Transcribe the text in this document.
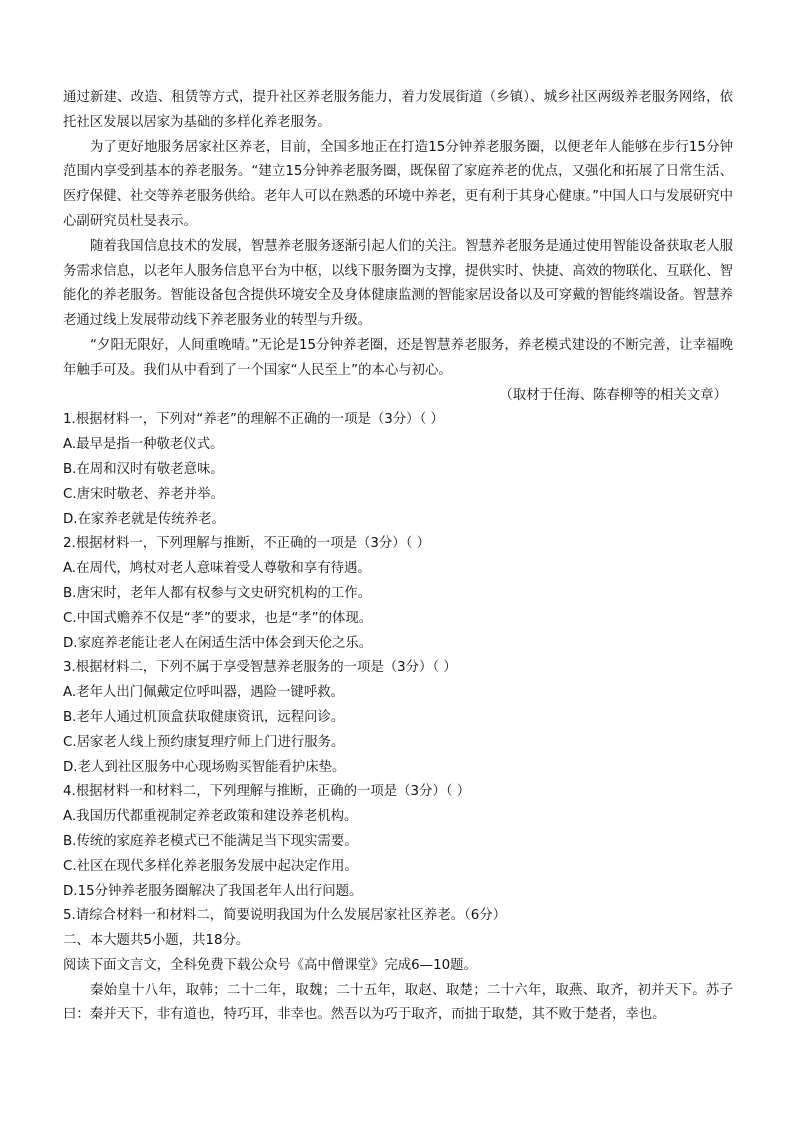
通过新建、改造、租赁等方式，提升社区养老服务能力，着力发展街道（乡镇）、城乡社区两级养老服务网络，依托社区发展以居家为基础的多样化养老服务。

为了更好地服务居家社区养老，目前，全国多地正在打造15分钟养老服务圈，以便老年人能够在步行15分钟范围内享受到基本的养老服务。“建立15分钟养老服务圈，既保留了家庭养老的优点，又强化和拓展了日常生活、医疗保健、社交等养老服务供给。老年人可以在熟悉的环境中养老，更有利于其身心健康。”中国人口与发展研究中心副研究员杜旻表示。

随着我国信息技术的发展，智慧养老服务逐渐引起人们的关注。智慧养老服务是通过使用智能设备获取老人服务需求信息，以老年人服务信息平台为中枢，以线下服务圈为支撑，提供实时、快捷、高效的物联化、互联化、智能化的养老服务。智能设备包含提供环境安全及身体健康监测的智能家居设备以及可穿戴的智能终端设备。智慧养老通过线上发展带动线下养老服务业的转型与升级。

“夕阳无限好，人间重晚晴。”无论是15分钟养老圈，还是智慧养老服务，养老模式建设的不断完善，让幸福晚年触手可及。我们从中看到了一个国家“人民至上”的本心与初心。

（取材于任海、陈春柳等的相关文章）

1.根据材料一，下列对“养老”的理解不正确的一项是（3分）（ ）

A.最早是指一种敬老仪式。

B.在周和汉时有敬老意味。

C.唐宋时敬老、养老并举。

D.在家养老就是传统养老。

2.根据材料一，下列理解与推断，不正确的一项是（3分）（ ）

A.在周代，鸠杖对老人意味着受人尊敬和享有待遇。

B.唐宋时，老年人都有权参与文史研究机构的工作。

C.中国式赡养不仅是“孝”的要求，也是“孝”的体现。

D.家庭养老能让老人在闲适生活中体会到天伦之乐。

3.根据材料二，下列不属于享受智慧养老服务的一项是（3分）（ ）

A.老年人出门佩戴定位呼叫器，遇险一键呼救。

B.老年人通过机顶盒获取健康资讯，远程问诊。

C.居家老人线上预约康复理疗师上门进行服务。

D.老人到社区服务中心现场购买智能看护床垫。

4.根据材料一和材料二，下列理解与推断，正确的一项是（3分）（ ）

A.我国历代都重视制定养老政策和建设养老机构。

B.传统的家庭养老模式已不能满足当下现实需要。

C.社区在现代多样化养老服务发展中起决定作用。

D.15分钟养老服务圈解决了我国老年人出行问题。

5.请综合材料一和材料二，简要说明我国为什么发展居家社区养老。（6分）

二、本大题共5小题，共18分。

阅读下面文言文，全科免费下载公众号《高中僧课堂》完成6—10题。

秦始皇十八年，取韩；二十二年，取魏；二十五年，取赵、取楚；二十六年，取燕、取齐，初并天下。苏子曰：秦并天下，非有道也，特巧耳，非幸也。然吾以为巧于取齐，而拙于取楚，其不败于楚者，幸也。
